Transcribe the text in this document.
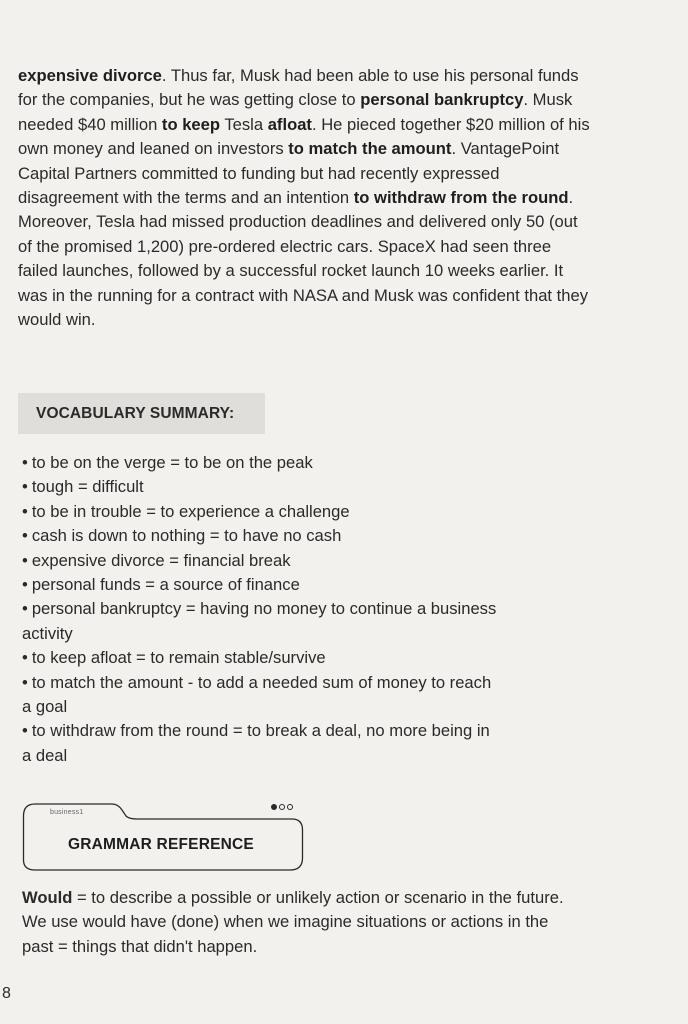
expensive divorce. Thus far, Musk had been able to use his personal funds for the companies, but he was getting close to personal bankruptcy. Musk needed $40 million to keep Tesla afloat. He pieced together $20 million of his own money and leaned on investors to match the amount. VantagePoint Capital Partners committed to funding but had recently expressed disagreement with the terms and an intention to withdraw from the round. Moreover, Tesla had missed production deadlines and delivered only 50 (out of the promised 1,200) pre-ordered electric cars. SpaceX had seen three failed launches, followed by a successful rocket launch 10 weeks earlier. It was in the running for a contract with NASA and Musk was confident that they would win.

VOCABULARY SUMMARY:
• to be on the verge = to be on the peak
• tough = difficult
• to be in trouble = to experience a challenge
• cash is down to nothing = to have no cash
• expensive divorce = financial break
• personal funds = a source of finance
• personal bankruptcy = having no money to continue a business
activity
• to keep afloat = to remain stable/survive
• to match the amount - to add a needed sum of money to reach
a goal
• to withdraw from the round = to break a deal, no more being in
a deal
business1
GRAMMAR REFERENCE

Would = to describe a possible or unlikely action or scenario in the future. We use would have (done) when we imagine situations or actions in the past = things that didn't happen.

8
